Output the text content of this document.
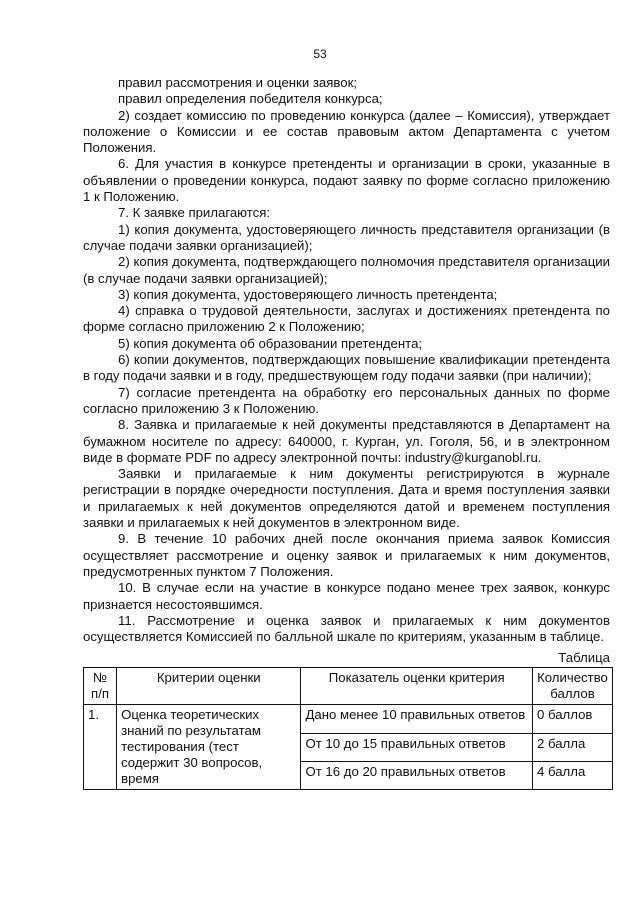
53

правил рассмотрения и оценки заявок;

правил определения победителя конкурса;

2) создает комиссию по проведению конкурса (далее – Комиссия), утверждает положение о Комиссии и ее состав правовым актом Департамента с учетом Положения.

6. Для участия в конкурсе претенденты и организации в сроки, указанные в объявлении о проведении конкурса, подают заявку по форме согласно приложению 1 к Положению.

7. К заявке прилагаются:

1) копия документа, удостоверяющего личность представителя организации (в случае подачи заявки организацией);

2) копия документа, подтверждающего полномочия представителя организации (в случае подачи заявки организацией);

3) копия документа, удостоверяющего личность претендента;

4) справка о трудовой деятельности, заслугах и достижениях претендента по форме согласно приложению 2 к Положению;

5) копия документа об образовании претендента;

6) копии документов, подтверждающих повышение квалификации претендента в году подачи заявки и в году, предшествующем году подачи заявки (при наличии);

7) согласие претендента на обработку его персональных данных по форме согласно приложению 3 к Положению.

8. Заявка и прилагаемые к ней документы представляются в Департамент на бумажном носителе по адресу: 640000, г. Курган, ул. Гоголя, 56, и в электронном виде в формате PDF по адресу электронной почты: industry@kurganobl.ru.

Заявки и прилагаемые к ним документы регистрируются в журнале регистрации в порядке очередности поступления. Дата и время поступления заявки и прилагаемых к ней документов определяются датой и временем поступления заявки и прилагаемых к ней документов в электронном виде.

9. В течение 10 рабочих дней после окончания приема заявок Комиссия осуществляет рассмотрение и оценку заявок и прилагаемых к ним документов, предусмотренных пунктом 7 Положения.

10. В случае если на участие в конкурсе подано менее трех заявок, конкурс признается несостоявшимся.

11. Рассмотрение и оценка заявок и прилагаемых к ним документов осуществляется Комиссией по балльной шкале по критериям, указанным в таблице.

Таблица
№ п/п	Критерии оценки	Показатель оценки критерия	Количество баллов
1.	Оценка теоретических знаний по результатам тестирования (тест содержит 30 вопросов, время	Дано менее 10 правильных ответов	0 баллов
		От 10 до 15 правильных ответов	2 балла
		От 16 до 20 правильных ответов	4 балла
